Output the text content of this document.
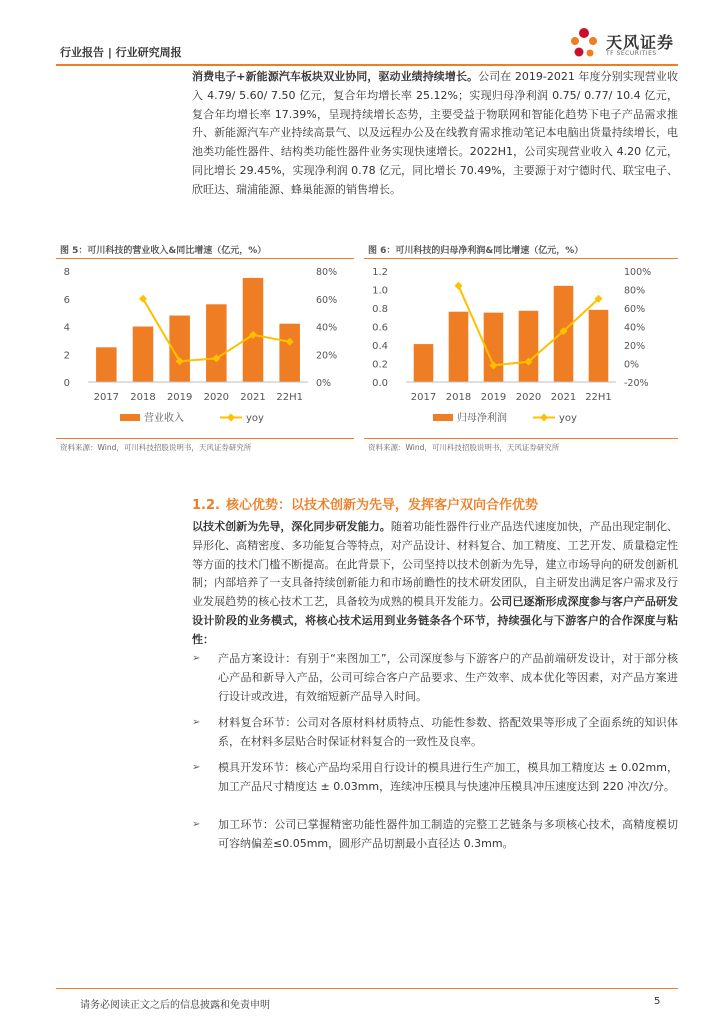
行业报告 | 行业研究周报
天风证券
TF SECURITIES
消费电子+新能源汽车板块双业协同，驱动业绩持续增长。公司在 2019-2021 年度分别实现营业收入 4.79/ 5.60/ 7.50 亿元，复合年均增长率 25.12%；实现归母净利润 0.75/ 0.77/ 10.4 亿元，复合年均增长率 17.39%，呈现持续增长态势，主要受益于物联网和智能化趋势下电子产品需求推升、新能源汽车产业持续高景气、以及远程办公及在线教育需求推动笔记本电脑出货量持续增长，电池类功能性器件、结构类功能性器件业务实现快速增长。2022H1，公司实现营业收入 4.20 亿元，同比增长 29.45%，实现净利润 0.78 亿元，同比增长 70.49%，主要源于对宁德时代、联宝电子、欣旺达、瑞浦能源、蜂巢能源的销售增长。
图 5：可川科技的营业收入&同比增速（亿元，%）
0
2
4
6
8
0%
20%
40%
60%
80%
2017 2018 2019 2020 2021 22H1
营业收入	yoy
资料来源：Wind，可川科技招股说明书，天风证券研究所
图 6：可川科技的归母净利润&同比增速（亿元，%）
0.0
0.2
0.4
0.6
0.8
1.0
1.2
-20%
0%
20%
40%
60%
80%
100%
2017 2018 2019 2020 2021 22H1
归母净利润	yoy
资料来源：Wind，可川科技招股说明书，天风证券研究所
1.2. 核心优势：以技术创新为先导，发挥客户双向合作优势
以技术创新为先导，深化同步研发能力。随着功能性器件行业产品迭代速度加快，产品出现定制化、异形化、高精密度、多功能复合等特点，对产品设计、材料复合、加工精度、工艺开发、质量稳定性等方面的技术门槛不断提高。在此背景下，公司坚持以技术创新为先导，建立市场导向的研发创新机制；内部培养了一支具备持续创新能力和市场前瞻性的技术研发团队，自主研发出满足客户需求及行业发展趋势的核心技术工艺，具备较为成熟的模具开发能力。公司已逐渐形成深度参与客户产品研发设计阶段的业务模式，将核心技术运用到业务链条各个环节，持续强化与下游客户的合作深度与粘性：
➢ 产品方案设计：有别于“来图加工”，公司深度参与下游客户的产品前端研发设计，对于部分核心产品和新导入产品，公司可综合客户产品要求、生产效率、成本优化等因素，对产品方案进行设计或改进，有效缩短新产品导入时间。
➢ 材料复合环节：公司对各原材料材质特点、功能性参数、搭配效果等形成了全面系统的知识体系，在材料多层贴合时保证材料复合的一致性及良率。
➢ 模具开发环节：核心产品均采用自行设计的模具进行生产加工，模具加工精度达 ± 0.02mm，加工产品尺寸精度达 ± 0.03mm，连续冲压模具与快速冲压模具冲压速度达到 220 冲次/分。
➢ 加工环节：公司已掌握精密功能性器件加工制造的完整工艺链条与多项核心技术，高精度模切可容纳偏差≤0.05mm，圆形产品切割最小直径达 0.3mm。
请务必阅读正文之后的信息披露和免责申明	5
